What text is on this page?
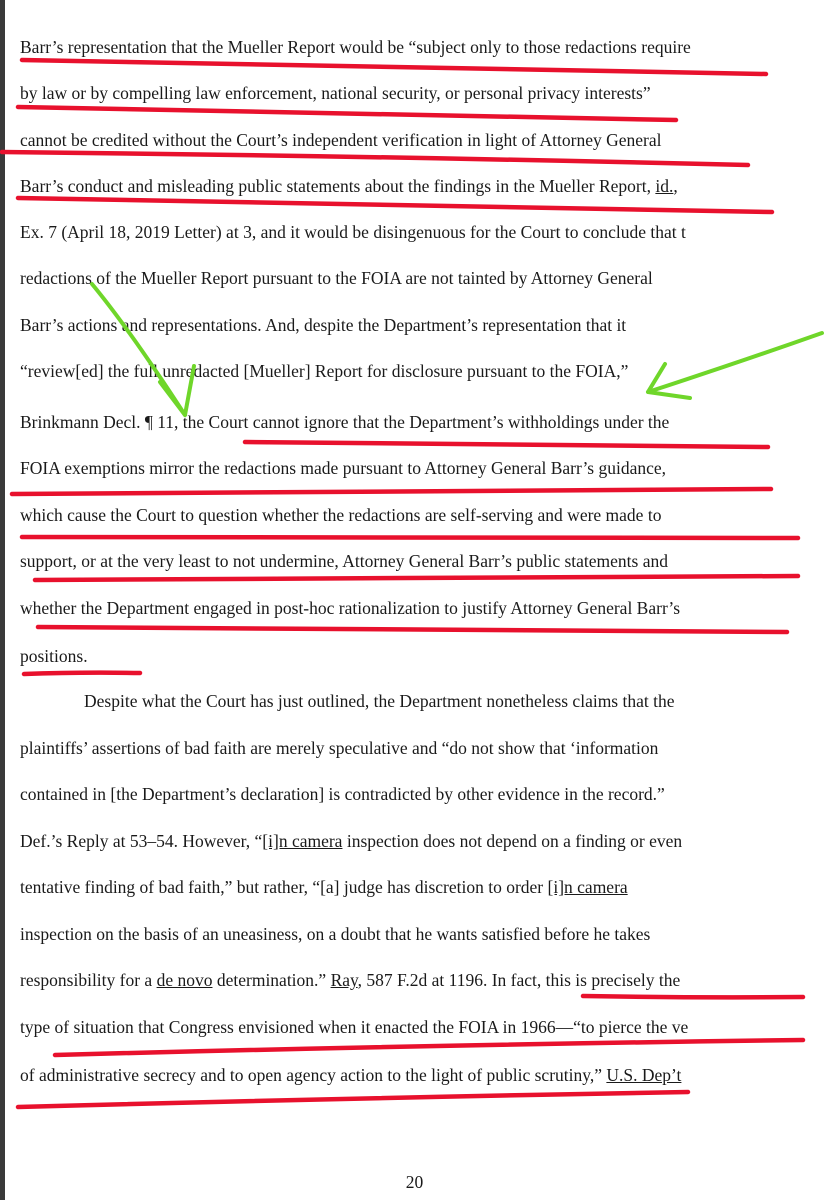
Barr’s representation that the Mueller Report would be “subject only to those redactions require
by law or by compelling law enforcement, national security, or personal privacy interests”
cannot be credited without the Court’s independent verification in light of Attorney General
Barr’s conduct and misleading public statements about the findings in the Mueller Report, id.,
Ex. 7 (April 18, 2019 Letter) at 3, and it would be disingenuous for the Court to conclude that t
redactions of the Mueller Report pursuant to the FOIA are not tainted by Attorney General
Barr’s actions and representations. And, despite the Department’s representation that it
“review[ed] the full unredacted [Mueller] Report for disclosure pursuant to the FOIA,”
Brinkmann Decl. ¶ 11, the Court cannot ignore that the Department’s withholdings under the
FOIA exemptions mirror the redactions made pursuant to Attorney General Barr’s guidance,
which cause the Court to question whether the redactions are self-serving and were made to
support, or at the very least to not undermine, Attorney General Barr’s public statements and
whether the Department engaged in post-hoc rationalization to justify Attorney General Barr’s
positions.
Despite what the Court has just outlined, the Department nonetheless claims that the
plaintiffs’ assertions of bad faith are merely speculative and “do not show that ‘information
contained in [the Department’s declaration] is contradicted by other evidence in the record.”
Def.’s Reply at 53–54. However, “[i]n camera inspection does not depend on a finding or even
tentative finding of bad faith,” but rather, “[a] judge has discretion to order [i]n camera
inspection on the basis of an uneasiness, on a doubt that he wants satisfied before he takes
responsibility for a de novo determination.” Ray, 587 F.2d at 1196. In fact, this is precisely the
type of situation that Congress envisioned when it enacted the FOIA in 1966—“to pierce the ve
of administrative secrecy and to open agency action to the light of public scrutiny,” U.S. Dep’t
20
